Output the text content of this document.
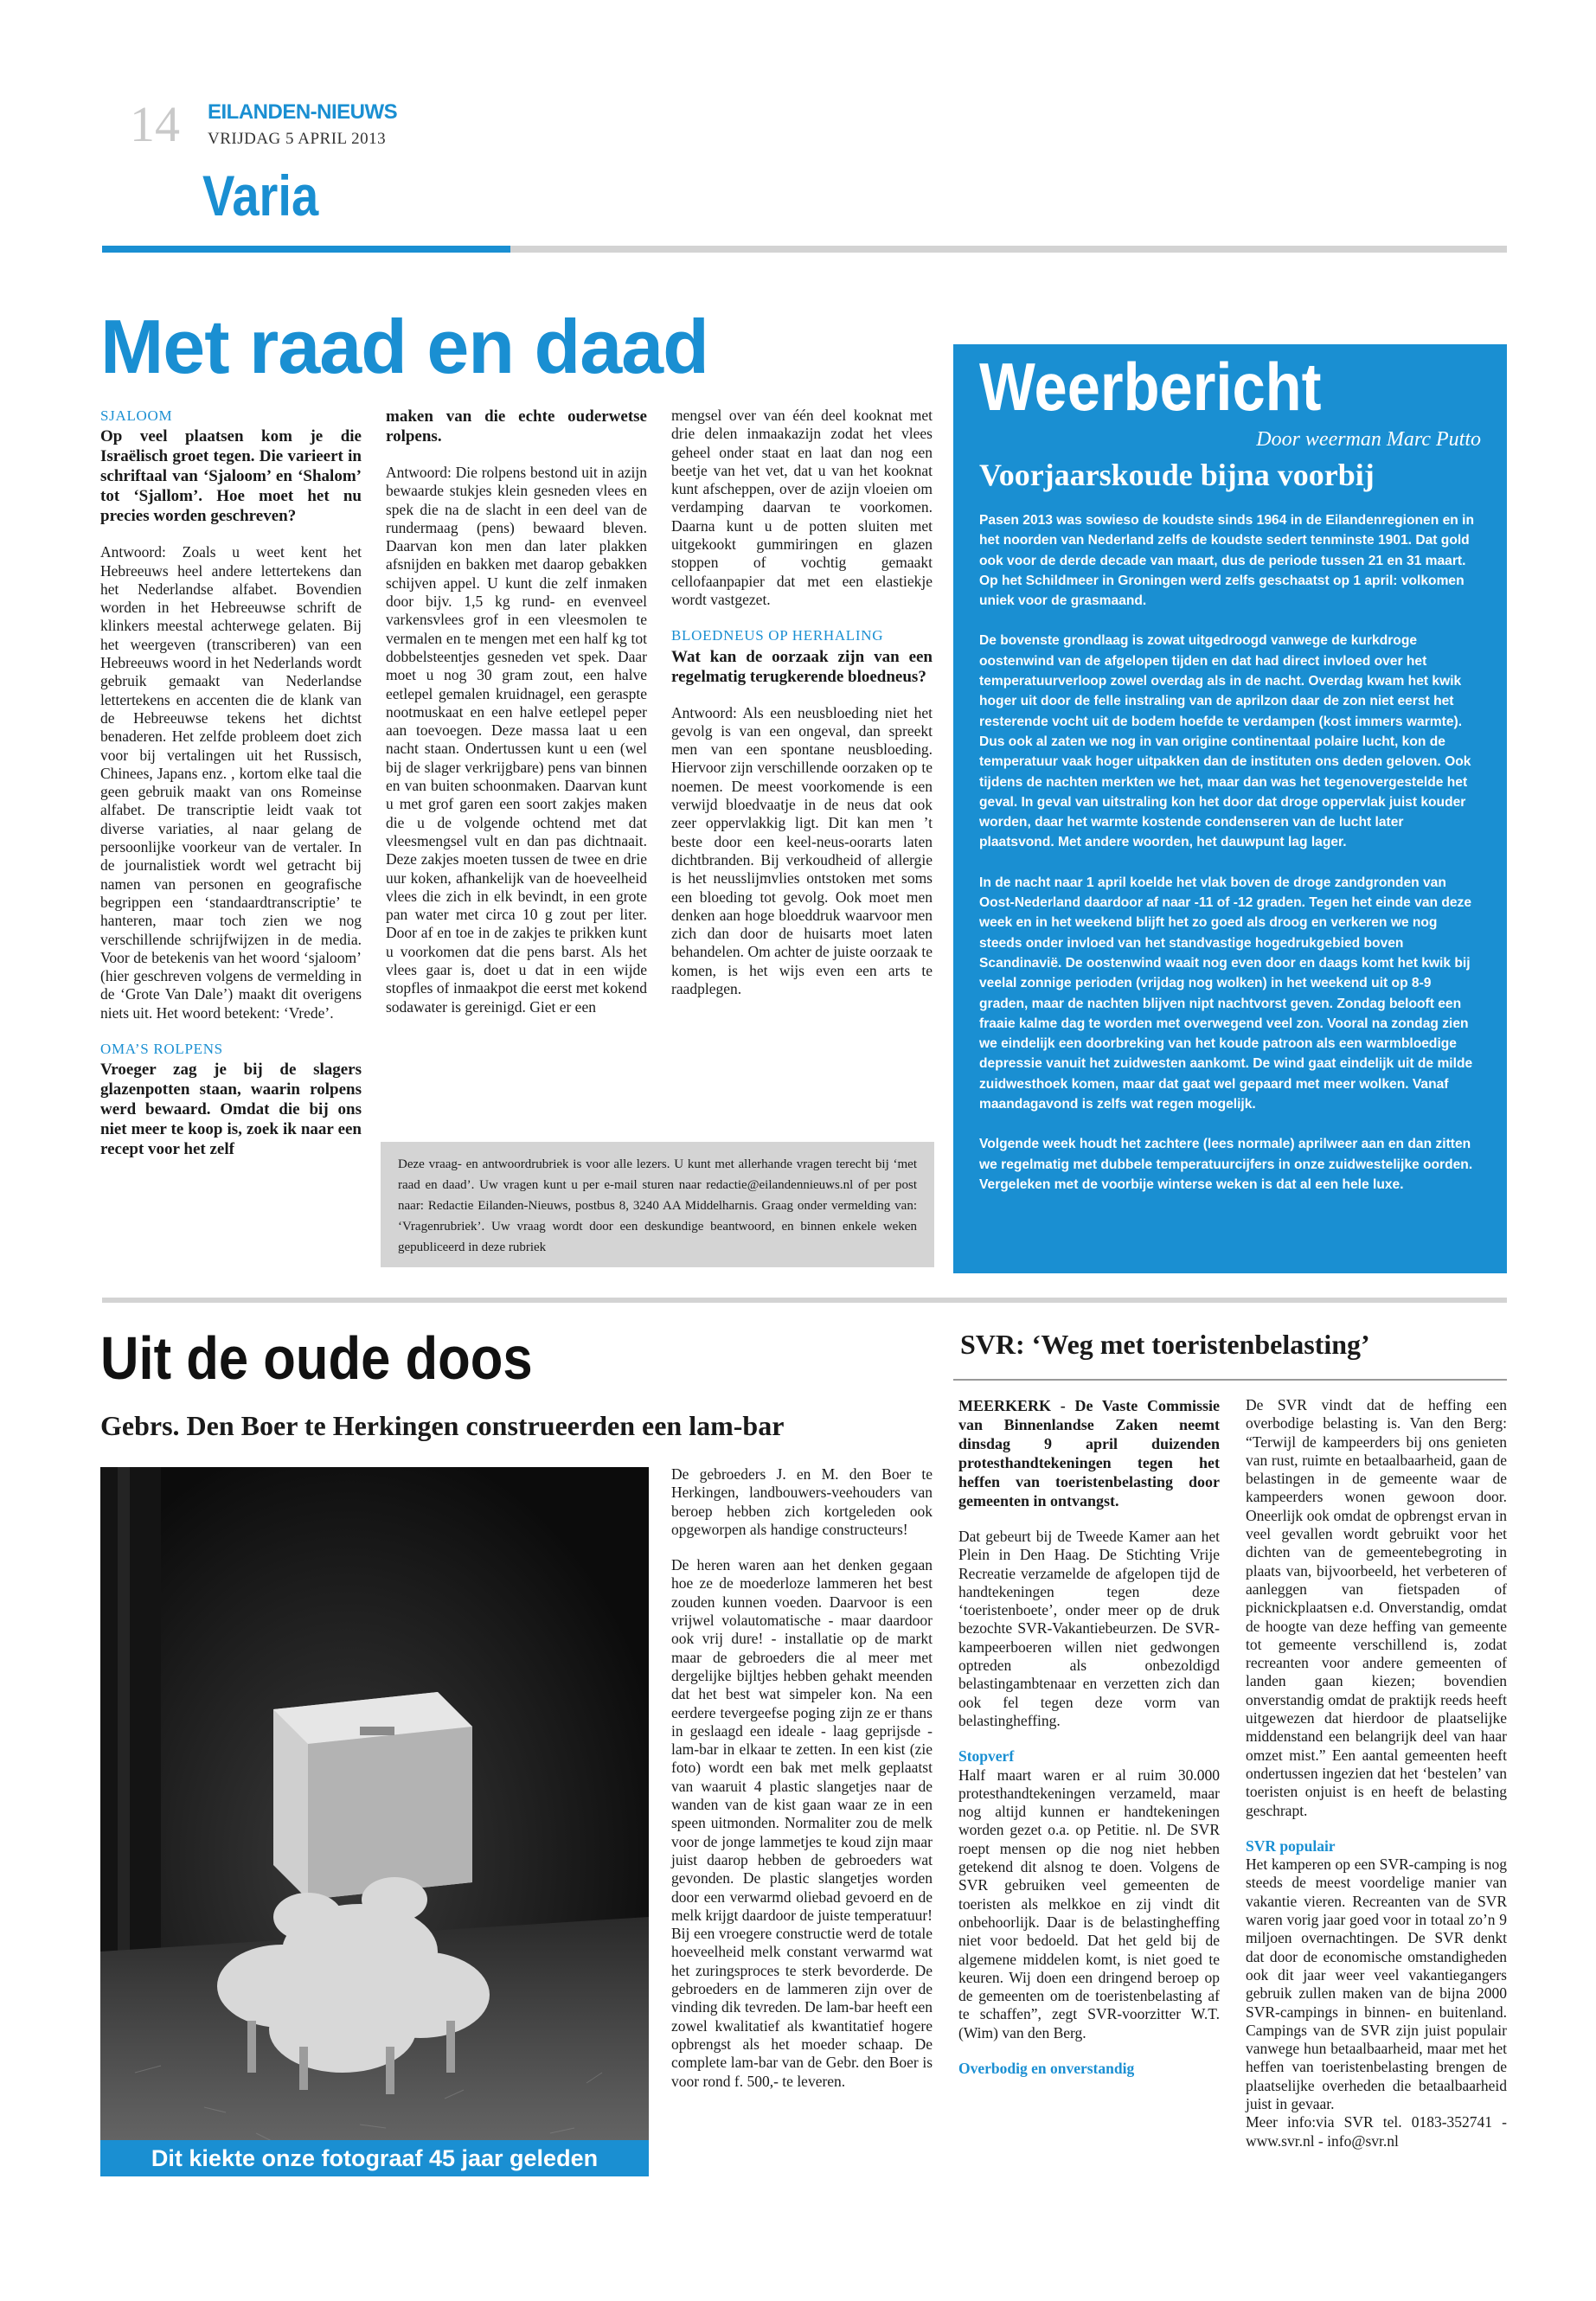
14 EILANDEN-NIEUWS
VRIJDAG 5 APRIL 2013
Varia
Met raad en daad
SJALOOM
Op veel plaatsen kom je die Israëlisch groet tegen. Die varieert in schriftaal van ‘Sjaloom’ en ‘Shalom’ tot ‘Sjallom’. Hoe moet het nu precies worden geschreven?

Antwoord: Zoals u weet kent het Hebreeuws heel andere lettertekens dan het Nederlandse alfabet. Bovendien worden in het Hebreeuwse schrift de klinkers meestal achterwege gelaten. Bij het weergeven (transcriberen) van een Hebreeuws woord in het Nederlands wordt gebruik gemaakt van Nederlandse lettertekens en accenten die de klank van de Hebreeuwse tekens het dichtst benaderen. Het zelfde probleem doet zich voor bij vertalingen uit het Russisch, Chinees, Japans enz. , kortom elke taal die geen gebruik maakt van ons Romeinse alfabet. De transcriptie leidt vaak tot diverse variaties, al naar gelang de persoonlijke voorkeur van de vertaler. In de journalistiek wordt wel getracht bij namen van personen en geografische begrippen een ‘standaardtranscriptie’ te hanteren, maar toch zien we nog verschillende schrijfwijzen in de media. Voor de betekenis van het woord ‘sjaloom’ (hier geschreven volgens de vermelding in de ‘Grote Van Dale’) maakt dit overigens niets uit. Het woord betekent: ‘Vrede’.

OMA’S ROLPENS
Vroeger zag je bij de slagers glazenpotten staan, waarin rolpens werd bewaard. Omdat die bij ons niet meer te koop is, zoek ik naar een recept voor het zelf
maken van die echte ouderwetse rolpens.

Antwoord: Die rolpens bestond uit in azijn bewaarde stukjes klein gesneden vlees en spek die na de slacht in een deel van de rundermaag (pens) bewaard bleven. Daarvan kon men dan later plakken afsnijden en bakken met daarop gebakken schijven appel. U kunt die zelf inmaken door bijv. 1,5 kg rund- en evenveel varkensvlees grof in een vleesmolen te vermalen en te mengen met een half kg tot dobbelsteentjes gesneden vet spek. Daar moet u nog 30 gram zout, een halve eetlepel gemalen kruidnagel, een geraspte nootmuskaat en een halve eetlepel peper aan toevoegen. Deze massa laat u een nacht staan. Ondertussen kunt u een (wel bij de slager verkrijgbare) pens van binnen en van buiten schoonmaken. Daarvan kunt u met grof garen een soort zakjes maken die u de volgende ochtend met dat vleesmengsel vult en dan pas dichtnaait. Deze zakjes moeten tussen de twee en drie uur koken, afhankelijk van de hoeveelheid vlees die zich in elk bevindt, in een grote pan water met circa 10 g zout per liter. Door af en toe in de zakjes te prikken kunt u voorkomen dat die pens barst. Als het vlees gaar is, doet u dat in een wijde stopfles of inmaakpot die eerst met kokend sodawater is gereinigd. Giet er een

mengsel over van één deel kooknat met drie delen inmaakazijn zodat het vlees geheel onder staat en laat dan nog een beetje van het vet, dat u van het kooknat kunt afscheppen, over de azijn vloeien om verdamping daarvan te voorkomen. Daarna kunt u de potten sluiten met uitgekookt gummiringen en glazen stoppen of vochtig gemaakt cellofaanpapier dat met een elastiekje wordt vastgezet.

BLOEDNEUS OP HERHALING
Wat kan de oorzaak zijn van een regelmatig terugkerende bloedneus?

Antwoord: Als een neusbloeding niet het gevolg is van een ongeval, dan spreekt men van een spontane neusbloeding. Hiervoor zijn verschillende oorzaken op te noemen. De meest voorkomende is een verwijd bloedvaatje in de neus dat ook zeer oppervlakkig ligt. Dit kan men ’t beste door een keel-neus-oorarts laten dichtbranden. Bij verkoudheid of allergie is het neusslijmvlies ontstoken met soms een bloeding tot gevolg. Ook moet men denken aan hoge bloeddruk waarvoor men zich dan door de huisarts moet laten behandelen. Om achter de juiste oorzaak te komen, is het wijs even een arts te raadplegen.

Deze vraag- en antwoordrubriek is voor alle lezers. U kunt met allerhande vragen terecht bij ‘met raad en daad’. Uw vragen kunt u per e-mail sturen naar redactie@eilandennieuws.nl of per post naar: Redactie Eilanden-Nieuws, postbus 8, 3240 AA Middelharnis. Graag onder vermelding van: ‘Vragenrubriek’. Uw vraag wordt door een deskundige beantwoord, en binnen enkele weken gepubliceerd in deze rubriek
Weerbericht
Door weerman Marc Putto
Voorjaarskoude bijna voorbij
Pasen 2013 was sowieso de koudste sinds 1964 in de Eilandenregionen en in het noorden van Nederland zelfs de koudste sedert tenminste 1901. Dat gold ook voor de derde decade van maart, dus de periode tussen 21 en 31 maart. Op het Schildmeer in Groningen werd zelfs geschaatst op 1 april: volkomen uniek voor de grasmaand.
De bovenste grondlaag is zowat uitgedroogd vanwege de kurkdroge oostenwind van de afgelopen tijden en dat had direct invloed over het temperatuurverloop zowel overdag als in de nacht. Overdag kwam het kwik hoger uit door de felle instraling van de aprilzon daar de zon niet eerst het resterende vocht uit de bodem hoefde te verdampen (kost immers warmte). Dus ook al zaten we nog in van origine continentaal polaire lucht, kon de temperatuur vaak hoger uitpakken dan de instituten ons deden geloven. Ook tijdens de nachten merkten we het, maar dan was het tegenovergestelde het geval. In geval van uitstraling kon het door dat droge oppervlak juist kouder worden, daar het warmte kostende condenseren van de lucht later plaatsvond. Met andere woorden, het dauwpunt lag lager.
In de nacht naar 1 april koelde het vlak boven de droge zandgronden van Oost-Nederland daardoor af naar -11 of -12 graden. Tegen het einde van deze week en in het weekend blijft het zo goed als droog en verkeren we nog steeds onder invloed van het standvastige hogedrukgebied boven Scandinavië. De oostenwind waait nog even door en daags komt het kwik bij veelal zonnige perioden (vrijdag nog wolken) in het weekend uit op 8-9 graden, maar de nachten blijven nipt nachtvorst geven. Zondag belooft een fraaie kalme dag te worden met overwegend veel zon. Vooral na zondag zien we eindelijk een doorbreking van het koude patroon als een warmbloedige depressie vanuit het zuidwesten aankomt. De wind gaat eindelijk uit de milde zuidwesthoek komen, maar dat gaat wel gepaard met meer wolken. Vanaf maandagavond is zelfs wat regen mogelijk.
Volgende week houdt het zachtere (lees normale) aprilweer aan en dan zitten we regelmatig met dubbele temperatuurcijfers in onze zuidwestelijke oorden. Vergeleken met de voorbije winterse weken is dat al een hele luxe.
Uit de oude doos
Gebrs. Den Boer te Herkingen construeerden een lam-bar
Dit kiekte onze fotograaf 45 jaar geleden

De gebroeders J. en M. den Boer te Herkingen, landbouwers-veehouders van beroep hebben zich kortgeleden ook opgeworpen als handige constructeurs!

De heren waren aan het denken gegaan hoe ze de moederloze lammeren het best zouden kunnen voeden. Daarvoor is een vrijwel volautomatische - maar daardoor ook vrij dure! - installatie op de markt maar de gebroeders die al meer met dergelijke bijltjes hebben gehakt meenden dat het best wat simpeler kon. Na een eerdere tevergeefse poging zijn ze er thans in geslaagd een ideale - laag geprijsde - lam-bar in elkaar te zetten. In een kist (zie foto) wordt een bak met melk geplaatst van waaruit 4 plastic slangetjes naar de wanden van de kist gaan waar ze in een speen uitmonden. Normaliter zou de melk voor de jonge lammetjes te koud zijn maar juist daarop hebben de gebroeders wat gevonden. De plastic slangetjes worden door een verwarmd oliebad gevoerd en de melk krijgt daardoor de juiste temperatuur! Bij een vroegere constructie werd de totale hoeveelheid melk constant verwarmd wat het zuringsproces te sterk bevorderde. De gebroeders en de lammeren zijn over de vinding dik tevreden. De lam-bar heeft een zowel kwalitatief als kwantitatief hogere opbrengst als het moeder schaap. De complete lam-bar van de Gebr. den Boer is voor rond f. 500,- te leveren.

SVR: ‘Weg met toeristenbelasting’
MEERKERK - De Vaste Commissie van Binnenlandse Zaken neemt dinsdag 9 april duizenden protesthandtekeningen tegen het heffen van toeristenbelasting door gemeenten in ontvangst.

Dat gebeurt bij de Tweede Kamer aan het Plein in Den Haag. De Stichting Vrije Recreatie verzamelde de afgelopen tijd de handtekeningen tegen deze ‘toeristenboete’, onder meer op de druk bezochte SVR-Vakantiebeurzen. De SVR-kampeerboeren willen niet gedwongen optreden als onbezoldigd belastingambtenaar en verzetten zich dan ook fel tegen deze vorm van belastingheffing.

Stopverf

Half maart waren er al ruim 30.000 protesthandtekeningen verzameld, maar nog altijd kunnen er handtekeningen worden gezet o.a. op Petitie. nl. De SVR roept mensen op die nog niet hebben getekend dit alsnog te doen. Volgens de SVR gebruiken veel gemeenten de toeristen als melkkoe en zij vindt dit onbehoorlijk. Daar is de belastingheffing niet voor bedoeld. Dat het geld bij de algemene middelen komt, is niet goed te keuren. Wij doen een dringend beroep op de gemeenten om de toeristenbelasting af te schaffen”, zegt SVR-voorzitter W.T. (Wim) van den Berg.

Overbodig en onverstandig

De SVR vindt dat de heffing een overbodige belasting is. Van den Berg: “Terwijl de kampeerders bij ons genieten van rust, ruimte en betaalbaarheid, gaan de belastingen in de gemeente waar de kampeerders wonen gewoon door. Oneerlijk ook omdat de opbrengst ervan in veel gevallen wordt gebruikt voor het dichten van de gemeentebegroting in plaats van, bijvoorbeeld, het verbeteren of aanleggen van fietspaden of picknickplaatsen e.d. Onverstandig, omdat de hoogte van deze heffing van gemeente tot gemeente verschillend is, zodat recreanten voor andere gemeenten of landen gaan kiezen; bovendien onverstandig omdat de praktijk reeds heeft uitgewezen dat hierdoor de plaatselijke middenstand een belangrijk deel van haar omzet mist.” Een aantal gemeenten heeft ondertussen ingezien dat het ‘bestelen’ van toeristen onjuist is en heeft de belasting geschrapt.

SVR populair

Het kamperen op een SVR-camping is nog steeds de meest voordelige manier van vakantie vieren. Recreanten van de SVR waren vorig jaar goed voor in totaal zo’n 9 miljoen overnachtingen. De SVR denkt dat door de economische omstandigheden ook dit jaar weer veel vakantiegangers gebruik zullen maken van de bijna 2000 SVR-campings in binnen- en buitenland. Campings van de SVR zijn juist populair vanwege hun betaalbaarheid, maar met het heffen van toeristenbelasting brengen de plaatselijke overheden die betaalbaarheid juist in gevaar.

Meer info:via SVR tel. 0183-352741 - www.svr.nl - info@svr.nl
